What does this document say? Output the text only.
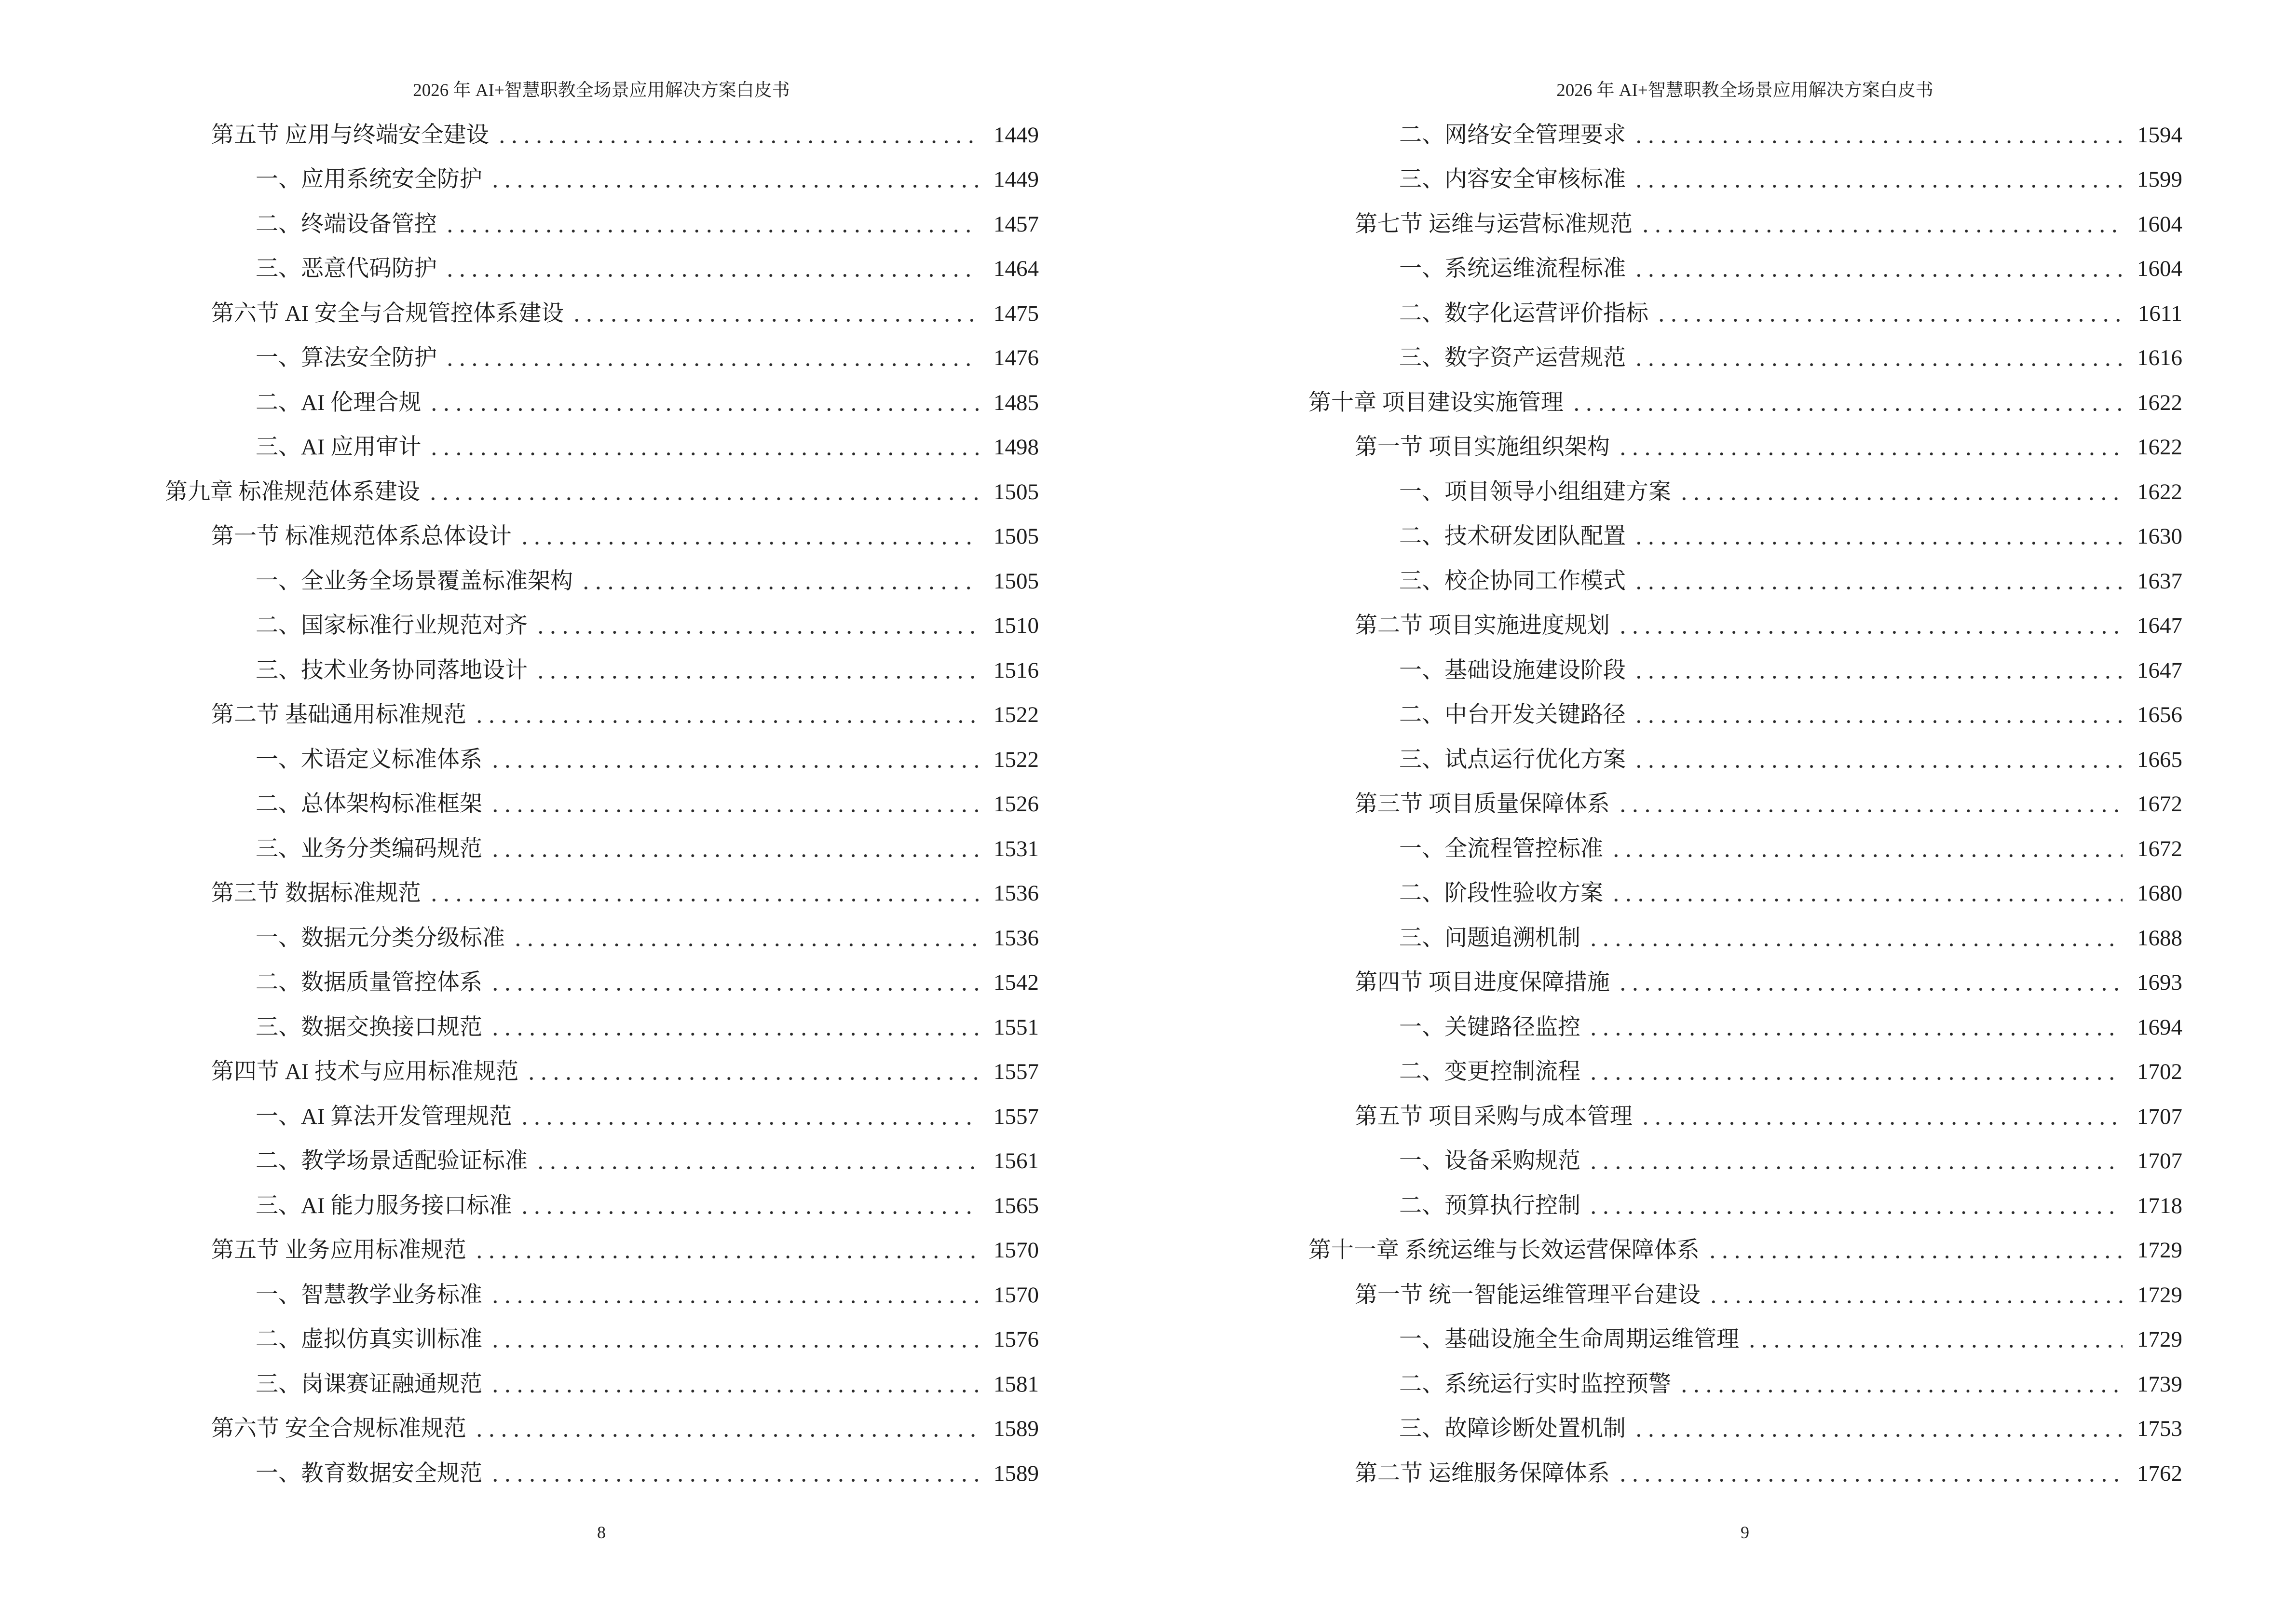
2026 年 AI+智慧职教全场景应用解决方案白皮书
第五节 应用与终端安全建设	1449
一、应用系统安全防护	1449
二、终端设备管控	1457
三、恶意代码防护	1464
第六节 AI 安全与合规管控体系建设	1475
一、算法安全防护	1476
二、AI 伦理合规	1485
三、AI 应用审计	1498
第九章 标准规范体系建设	1505
第一节 标准规范体系总体设计	1505
一、全业务全场景覆盖标准架构	1505
二、国家标准行业规范对齐	1510
三、技术业务协同落地设计	1516
第二节 基础通用标准规范	1522
一、术语定义标准体系	1522
二、总体架构标准框架	1526
三、业务分类编码规范	1531
第三节 数据标准规范	1536
一、数据元分类分级标准	1536
二、数据质量管控体系	1542
三、数据交换接口规范	1551
第四节 AI 技术与应用标准规范	1557
一、AI 算法开发管理规范	1557
二、教学场景适配验证标准	1561
三、AI 能力服务接口标准	1565
第五节 业务应用标准规范	1570
一、智慧教学业务标准	1570
二、虚拟仿真实训标准	1576
三、岗课赛证融通规范	1581
第六节 安全合规标准规范	1589
一、教育数据安全规范	1589
8
2026 年 AI+智慧职教全场景应用解决方案白皮书
二、网络安全管理要求	1594
三、内容安全审核标准	1599
第七节 运维与运营标准规范	1604
一、系统运维流程标准	1604
二、数字化运营评价指标	1611
三、数字资产运营规范	1616
第十章 项目建设实施管理	1622
第一节 项目实施组织架构	1622
一、项目领导小组组建方案	1622
二、技术研发团队配置	1630
三、校企协同工作模式	1637
第二节 项目实施进度规划	1647
一、基础设施建设阶段	1647
二、中台开发关键路径	1656
三、试点运行优化方案	1665
第三节 项目质量保障体系	1672
一、全流程管控标准	1672
二、阶段性验收方案	1680
三、问题追溯机制	1688
第四节 项目进度保障措施	1693
一、关键路径监控	1694
二、变更控制流程	1702
第五节 项目采购与成本管理	1707
一、设备采购规范	1707
二、预算执行控制	1718
第十一章 系统运维与长效运营保障体系	1729
第一节 统一智能运维管理平台建设	1729
一、基础设施全生命周期运维管理	1729
二、系统运行实时监控预警	1739
三、故障诊断处置机制	1753
第二节 运维服务保障体系	1762
9
